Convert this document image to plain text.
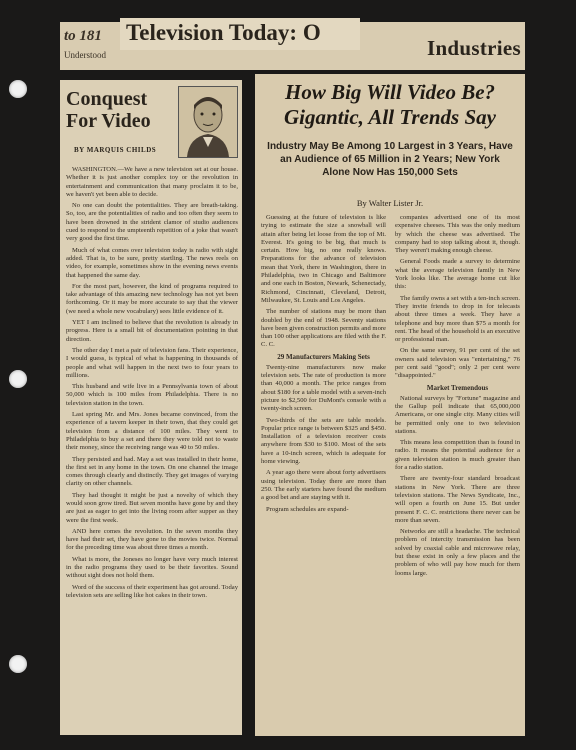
to 181
Understood	Industries
Television Today: O
Conquest For Video
BY MARQUIS CHILDS

WASHINGTON.—We have a new television set at our house. Whether it is just another complex toy or the revolution in entertainment and communication that many proclaim it to be, we haven't yet been able to decide.

No one can doubt the potentialities. They are breath-taking. So, too, are the potentialities of radio and too often they seem to have been drowned in the strident clamor of studio audiences cued to respond to the umpteenth repetition of a joke that wasn't very good the first time.

Much of what comes over television today is radio with sight added. That is, to be sure, pretty startling. The news reels on video, for example, sometimes show in the evening news events that happened the same day.

For the most part, however, the kind of programs required to take advantage of this amazing new technology has not yet been forthcoming. Or it may be more accurate to say that the viewer (we need a whole new vocabulary) sees little evidence of it.

YET I am inclined to believe that the revolution is already in progress. Here is a small bit of documentation pointing in that direction.

The other day I met a pair of television fans. Their experience, I would guess, is typical of what is happening in thousands of people and what will happen in the next two to four years to millions.

This husband and wife live in a Pennsylvania town of about 50,000 which is 100 miles from Philadelphia. There is no television station in the town.

Last spring Mr. and Mrs. Jones became convinced, from the experience of a tavern keeper in their town, that they could get television from a distance of 100 miles. They went to Philadelphia to buy a set and there they were told not to waste their money, since the receiving range was 40 to 50 miles.

They persisted and had. May a set was installed in their home, the first set in any home in the town. On one channel the image comes through clearly and distinctly. They get images of varying clarity on other channels.

They had thought it might be just a novelty of which they would soon grow tired. But seven months have gone by and they are just as eager to get into the living room after supper as they were the first week.

AND here comes the revolution. In the seven months they have had their set, they have gone to the movies twice. Normal for the preceding time was about three times a month.

What is more, the Joneses no longer have very much interest in the radio programs they used to be their favorites. Sound without sight does not hold them.

Word of the success of their experiment has got around. Today television sets are selling like hot cakes in their town.

How Big Will Video Be? Gigantic, All Trends Say
Industry May Be Among 10 Largest in 3 Years, Have an Audience of 65 Million in 2 Years; New York Alone Now Has 150,000 Sets
By Walter Lister Jr.

Guessing at the future of television is like trying to estimate the size a snowball will attain after being let loose from the top of Mt. Everest. It's going to be big, that much is certain. How big, no one really knows. Preparations for the advance of television mean that York, there in Washington, there in Philadelphia, two in Chicago and Baltimore and one each in Boston, Newark, Schenectady, Richmond, Cincinnati, Cleveland, Detroit, Milwaukee, St. Louis and Los Angeles.

The number of stations may be more than doubled by the end of 1948. Seventy stations have been given construction permits and more than 100 other applications are filed with the F. C. C.

29 Manufacturers Making Sets

Twenty-nine manufacturers now make television sets. The rate of production is more than 40,000 a month. The price ranges from about $180 for a table model with a seven-inch picture to $2,500 for DuMont's console with a twenty-inch screen.

Two-thirds of the sets are table models. Popular price range is between $325 and $450. Installation of a television receiver costs anywhere from $30 to $100. Most of the sets have a 10-inch screen, which is adequate for home viewing.

A year ago there were about forty advertisers using television. Today there are more than 250. The early starters have found the medium a good bet and are staying with it.

Program schedules are expand-

companies advertised one of its most expensive cheeses. This was the only medium by which the cheese was advertised. The company had to stop talking about it, though. They weren't making enough cheese.

General Foods made a survey to determine what the average television family in New York looks like. The average home cut like this:

The family owns a set with a ten-inch screen. They invite friends to drop in for telecasts about three times a week. They have a telephone and buy more than $75 a month for rent. The head of the household is an executive or professional man.

On the same survey, 91 per cent of the set owners said television was "entertaining," 76 per cent said "good"; only 2 per cent were "disappointed."

Market Tremendous

National surveys by "Fortune" magazine and the Gallup poll indicate that 65,000,000 Americans, or one single city. Many cities will be permitted only one to two television stations.

This means less competition than is found in radio. It means the potential audience for a given television station is much greater than for a radio station.

There are twenty-four standard broadcast stations in New York. There are three television stations. The News Syndicate, Inc., will open a fourth on June 15. But under present F. C. C. restrictions there never can be more than seven.

Networks are still a headache. The technical problem of intercity transmission has been solved by coaxial cable and microwave relay, but these exist in only a few places and the problem of who will pay how much for them looms large.
